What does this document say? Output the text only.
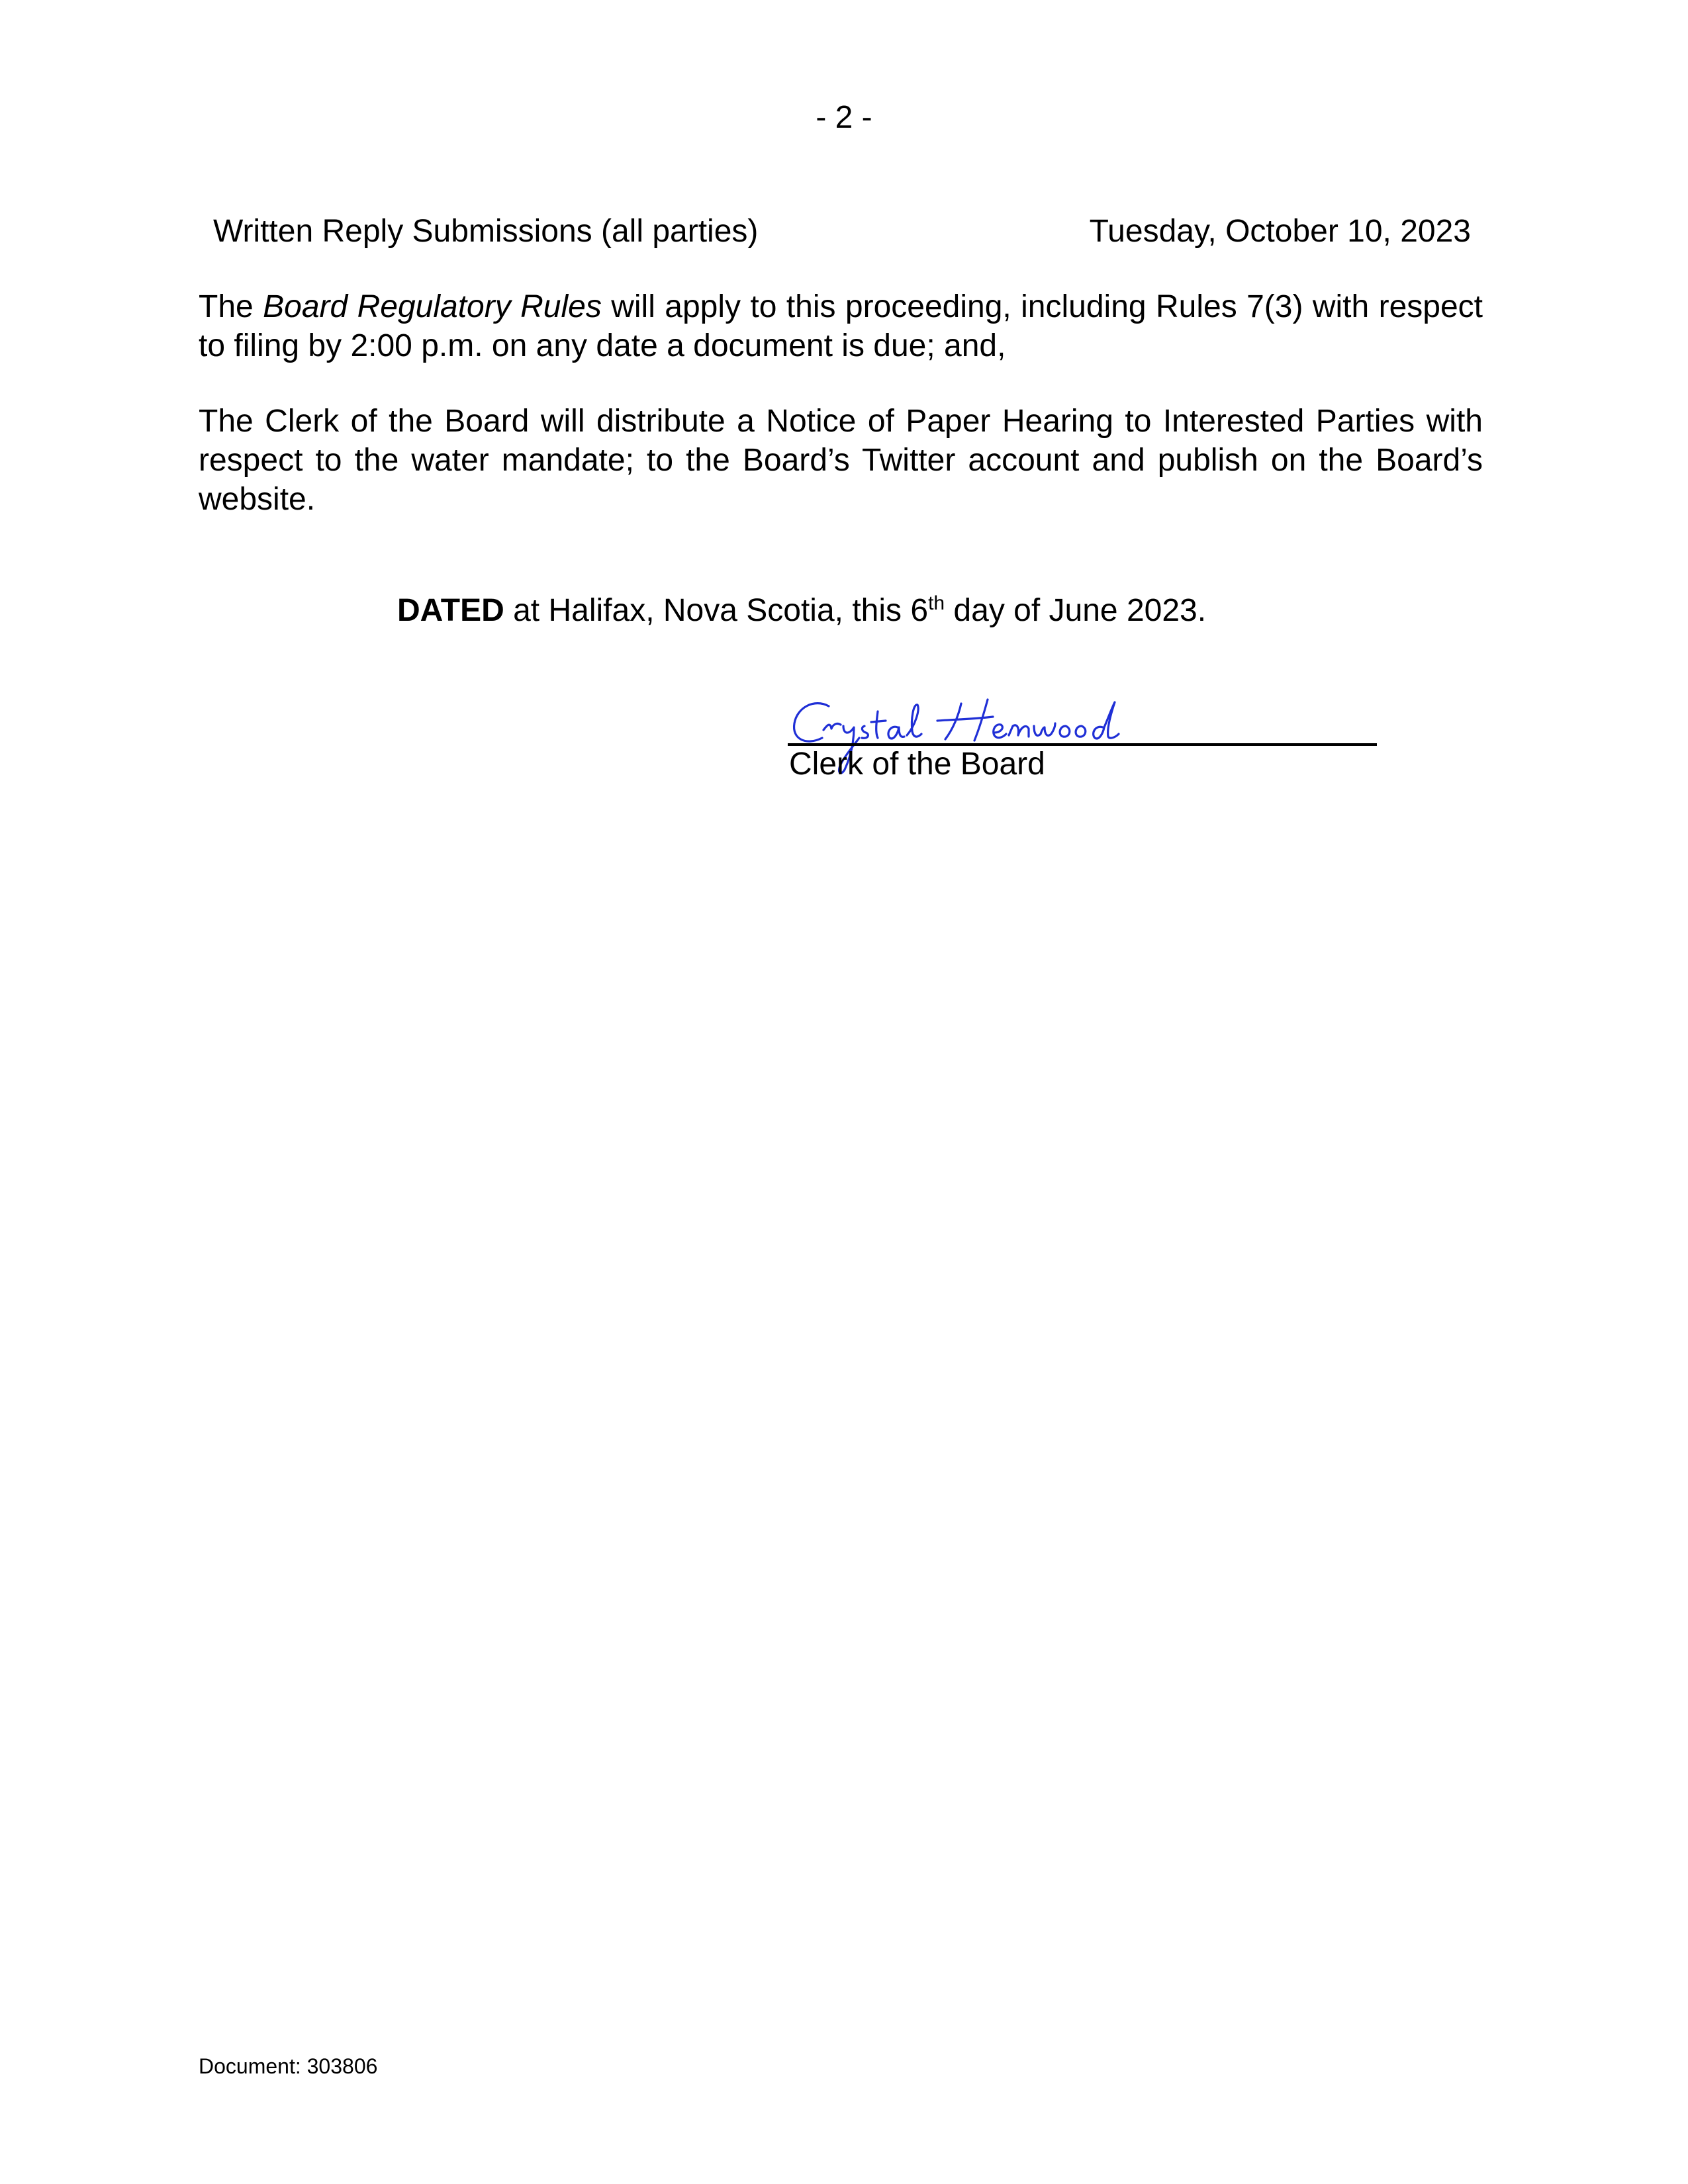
- 2 -
Written Reply Submissions (all parties)	Tuesday, October 10, 2023

The Board Regulatory Rules will apply to this proceeding, including Rules 7(3) with respect to filing by 2:00 p.m. on any date a document is due; and,

The Clerk of the Board will distribute a Notice of Paper Hearing to Interested Parties with respect to the water mandate; to the Board’s Twitter account and publish on the Board’s website.

DATED at Halifax, Nova Scotia, this 6th day of June 2023.
Clerk of the Board
Document: 303806
